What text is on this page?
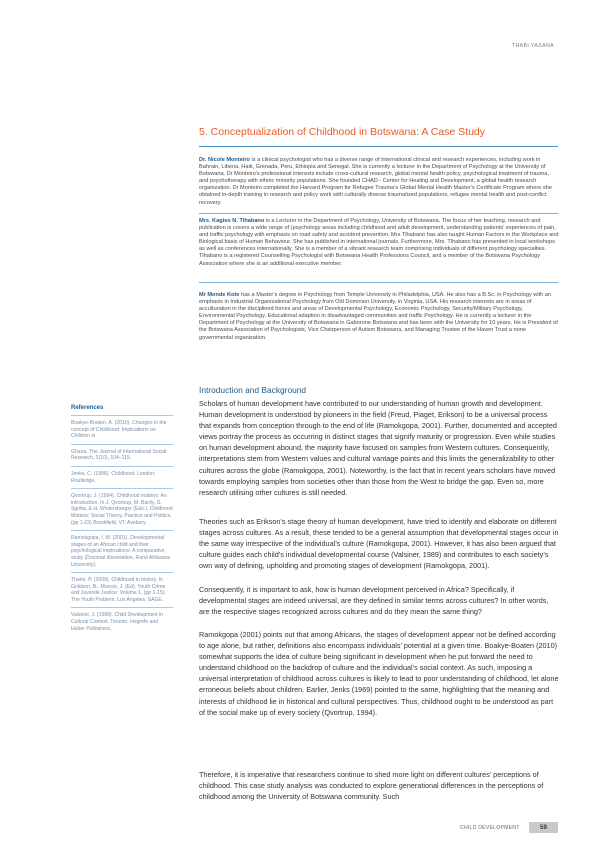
THABI YASANA
5. Conceptualization of Childhood in Botswana: A Case Study

Dr. Nicole Monteiro is a clinical psychologist who has a diverse range of international clinical and research experiences, including work in Bahrain, Liberia, Haiti, Grenada, Peru, Ethiopia and Senegal. She is currently a lecturer in the Department of Psychology at the University of Botswana. Dr Monteiro’s professional interests include cross-cultural research, global mental health policy, psychological treatment of trauma, and psychotherapy with ethnic minority populations. She founded CHAD - Center for Healing and Development, a global health research organization. Dr Monteiro completed the Harvard Program for Refugee Trauma’s Global Mental Health Master’s Certificate Program where she obtained in-depth training in research and policy work with culturally diverse traumatized populations, refugee mental health and post-conflict recovery.

Mrs. Kagiso N. Tlhabano is a Lecturer in the Department of Psychology, University of Botswana. The focus of her teaching, research and publication is covers a wide range of (psychology areas including childhood and adult development, understanding patients’ experiences of pain, and traffic psychology with emphasis on road safety and accident prevention. Mrs Tlhabano has also taught Human Factors in the Workplace and Biological basis of Human Behaviour. She has published in international journals. Furthermore, Mrs. Tlhabano has presented in local workshops as well as conferences internationally. She is a member of a vibrant research team comprising individuals of different psychology specialties. Tlhabano is a registered Counselling Psychologist with Botswana Health Professions Council, and a member of the Botswana Psychology Association where she is an additional executive member.

Mr Monde Kote has a Master’s degree in Psychology from Temple University in Philadelphia, USA. He also has a B.Sc. in Psychology with an emphasis in Industrial Organizational Psychology from Old Dominion University, in Virginia, USA. His research interests are in areas of acculturation in the disciplined forces and areas of Developmental Psychology, Economic Psychology, Security/Military Psychology, Environmental Psychology, Educational adaption in disadvantaged communities and traffic Psychology. He is currently a lecturer in the Department of Psychology at the University of Botswana in Gaborone Botswana and has been with the University for 10 years. He is President of the Botswana Association of Psychologists, Vice Chairperson of Autism Botswana, and Managing Trustee of the Haven Trust a none governmental organization.

Introduction and Background

Scholars of human development have contributed to our understanding of human growth and development. Human development is understood by pioneers in the field (Freud, Piaget, Erikson) to be a universal process that expands from conception through to the end of life (Ramokgopa, 2001). Further, documented and accepted views portray the process as occurring in distinct stages that signify maturity or progression. Even while studies on human development abound, the majority have focused on samples from Western cultures. Consequently, interpretations stem from Western values and cultural vantage points and this limits the generalizability to other cultures across the globe (Ramokgopa, 2001). Noteworthy, is the fact that in recent years scholars have moved towards employing samples from societies other than those from the West to bridge the gap. Even so, more research utilising other cultures is still needed.

Theories such as Erikson’s stage theory of human development, have tried to identify and elaborate on different stages across cultures. As a result, these tended to be a general assumption that developmental stages occur in the same way irrespective of the individual’s culture (Ramokgopa, 2001). However, it has also been argued that culture guides each child’s individual developmental course (Valsiner, 1989) and contributes to each society’s own way of defining, upholding and promoting stages of development (Ramokgopa, 2001).

Consequently, it is important to ask, how is human development perceived in Africa? Specifically, if developmental stages are indeed universal, are they defined in similar terms across cultures? In other words, are the respective stages recognized across cultures and do they mean the same thing?

Ramokgopa (2001) points out that among Africans, the stages of development appear not be defined according to age alone, but rather, definitions also encompass individuals’ potential at a given time. Boakye-Boaten (2010) somewhat supports the idea of culture being significant in development when he put forward the need to understand childhood on the backdrop of culture and the individual’s social context. As such, imposing a universal interpretation of childhood across cultures is likely to lead to poor understanding of childhood, let alone erroneous beliefs about children. Earlier, Jenks (1969) pointed to the same, highlighting that the meaning and interests of childhood lie in historical and cultural perspectives. Thus, childhood ought to be understood as part of the social make up of every society (Qvortrup, 1994).

Therefore, it is imperative that researchers continue to shed more light on different cultures’ perceptions of childhood. This case study analysis was conducted to explore generational differences in the perceptions of childhood among the University of Botswana community. Such

References

Boakye-Boaten, A. (2010). Changes in the concept of Childhood: Implications on Children in

Ghana. The Journal of International Social Research, 3(10), 104–115.

Jenks, C. (1996). Childhood. London: Routledge.

Qvortrup, J. (1994). Childhood matters: An introduction. In J. Qvortrup, M. Bardy, G. Sgritta, & H. Wintersberger (Eds.), Childhood Matters: Social Theory, Practice and Politics, (pp 1-23) Brookfield, VT: Avebury.

Ramokgopa, I. M. (2001). Developmental stages of an African child and their psychological implications: A comparative study (Doctoral dissertation, Rand Afrikaans University).

Thane, P. (2009). Childhood in history. In Goldson, B., Muncie, J. (Ed), Youth Crime and Juvenile Justice: Volume 1, (pp 1-15). The Youth Problem. Los Angeles: SAGE.

Valsiner, J. (1989). Child Development in Cultural Context. Toronto: Hogrefe and Huber Publishers.

CHILD DEVELOPMENT	59
